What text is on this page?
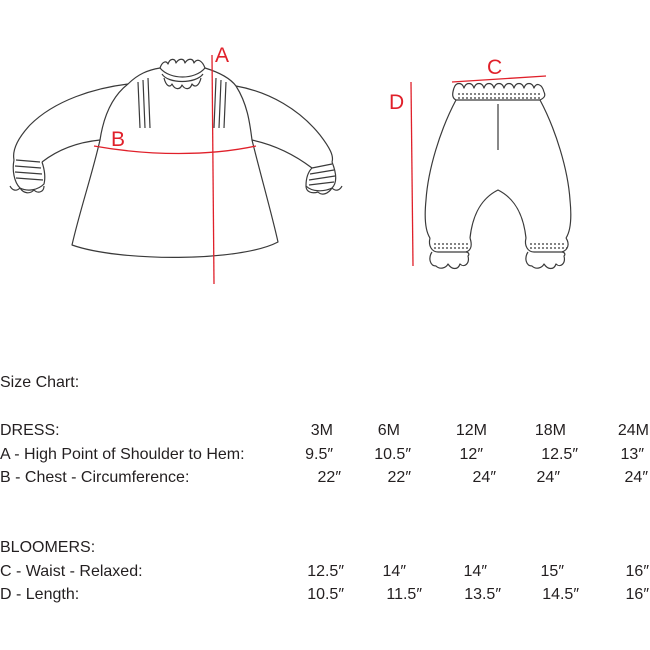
A
B
C
D
Size Chart:
DRESS:	3M	6M	12M	18M	24M
A - High Point of Shoulder to Hem:	9.5″	10.5″	12″	12.5″	13″
B - Chest - Circumference:	22″	22″	24″	24″	24″
BLOOMERS:
C - Waist - Relaxed:	12.5″ 14″	14″	15″	16″
D - Length:	10.5″	11.5″	13.5″	14.5″	16″
